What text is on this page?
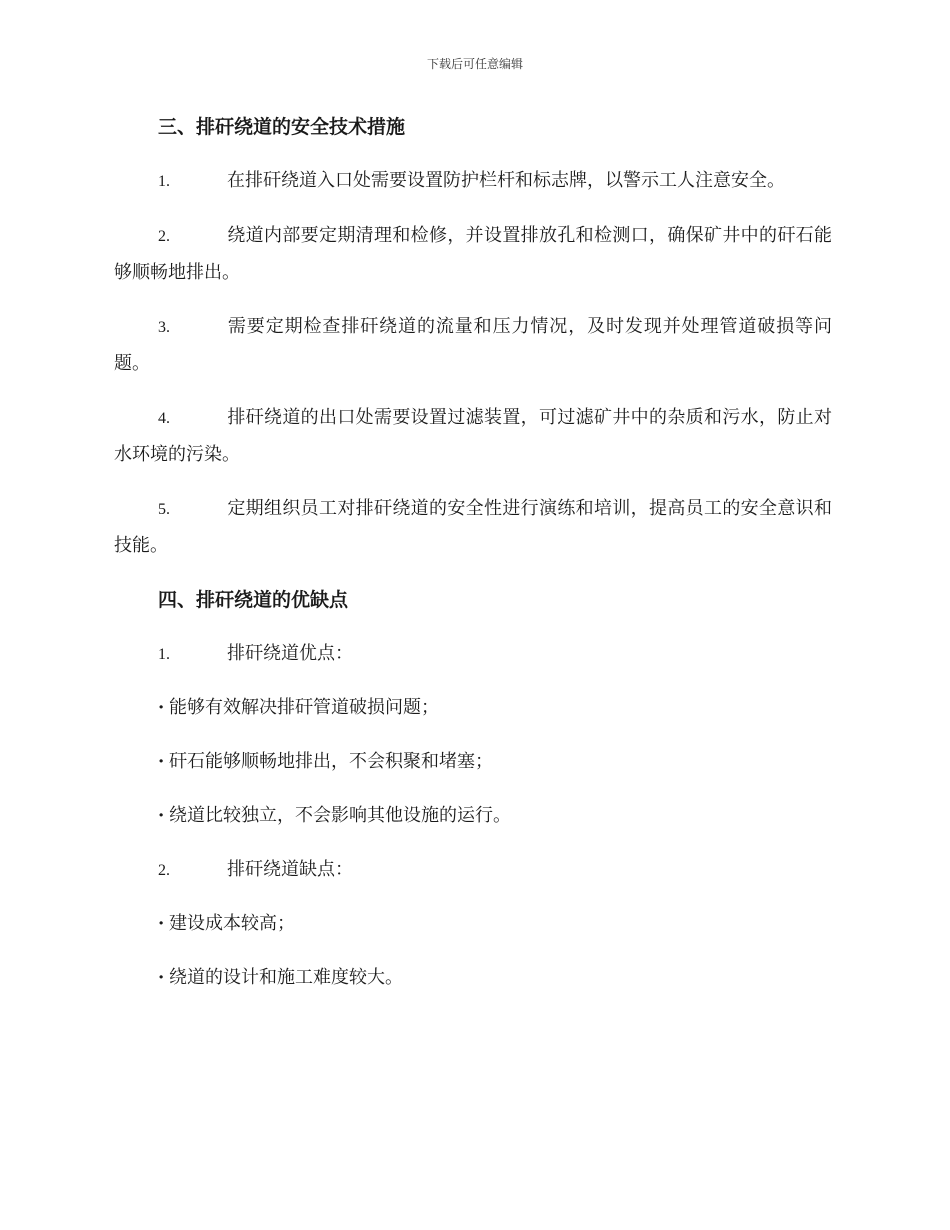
下载后可任意编辑
三、排矸绕道的安全技术措施

1.	在排矸绕道入口处需要设置防护栏杆和标志牌，以警示工人注意安全。

2.	绕道内部要定期清理和检修，并设置排放孔和检测口，确保矿井中的矸石能够顺畅地排出。

3.	需要定期检查排矸绕道的流量和压力情况，及时发现并处理管道破损等问题。

4.	排矸绕道的出口处需要设置过滤装置，可过滤矿井中的杂质和污水，防止对水环境的污染。

5.	定期组织员工对排矸绕道的安全性进行演练和培训，提高员工的安全意识和技能。

四、排矸绕道的优缺点
1.	排矸绕道优点：
· 能够有效解决排矸管道破损问题；
· 矸石能够顺畅地排出，不会积聚和堵塞；
· 绕道比较独立，不会影响其他设施的运行。
2.	排矸绕道缺点：
· 建设成本较高；
· 绕道的设计和施工难度较大。
